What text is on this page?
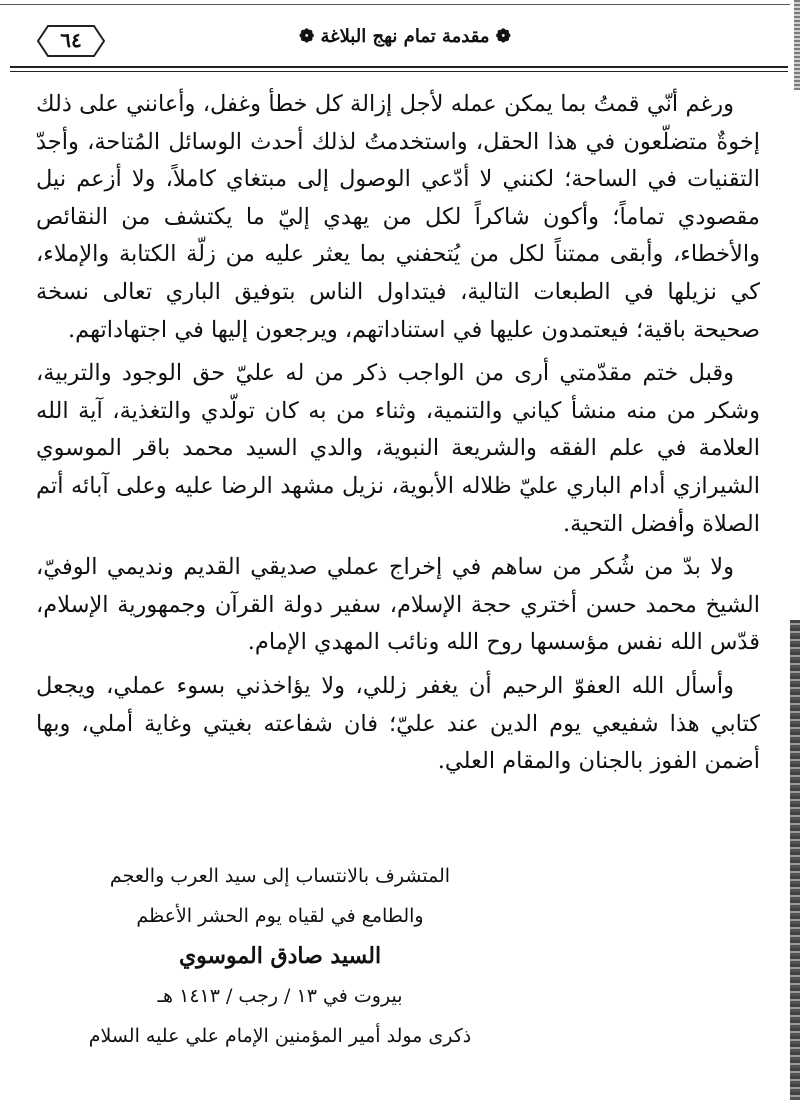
❁ مقدمة تمام نهج البلاغة ❁
٦٤

ورغم أنّي قمتُ بما يمكن عمله لأجل إزالة كل خطأ وغفل، وأعانني على ذلك إخوةٌ متضلّعون في هذا الحقل، واستخدمتُ لذلك أحدث الوسائل المُتاحة، وأجدّ التقنيات في الساحة؛ لكنني لا أدّعي الوصول إلى مبتغاي كاملاً، ولا أزعم نيل مقصودي تماماً؛ وأكون شاكراً لكل من يهدي إليّ ما يكتشف من النقائص والأخطاء، وأبقى ممتناً لكل من يُتحفني بما يعثر عليه من زلّة الكتابة والإملاء، كي نزيلها في الطبعات التالية، فيتداول الناس بتوفيق الباري تعالى نسخة صحيحة باقية؛ فيعتمدون عليها في استناداتهم، ويرجعون إليها في اجتهاداتهم.

وقبل ختم مقدّمتي أرى من الواجب ذكر من له عليّ حق الوجود والتربية، وشكر من منه منشأ كياني والتنمية، وثناء من به كان تولّدي والتغذية، آية الله العلامة في علم الفقه والشريعة النبوية، والدي السيد محمد باقر الموسوي الشيرازي أدام الباري عليّ ظلاله الأبوية، نزيل مشهد الرضا عليه وعلى آبائه أتم الصلاة وأفضل التحية.

ولا بدّ من شُكر من ساهم في إخراج عملي صديقي القديم ونديمي الوفيّ، الشيخ محمد حسن أختري حجة الإسلام، سفير دولة القرآن وجمهورية الإسلام، قدّس الله نفس مؤسسها روح الله ونائب المهدي الإمام.

وأسأل الله العفوّ الرحيم أن يغفر زللي، ولا يؤاخذني بسوء عملي، ويجعل كتابي هذا شفيعي يوم الدين عند عليّ؛ فان شفاعته بغيتي وغاية أملي، وبها أضمن الفوز بالجنان والمقام العلي.

المتشرف بالانتساب إلى سيد العرب والعجم
والطامع في لقياه يوم الحشر الأعظم
السيد صادق الموسوي
بيروت في ١٣ / رجب / ١٤١٣ هـ
ذكرى مولد أمير المؤمنين الإمام علي عليه السلام
